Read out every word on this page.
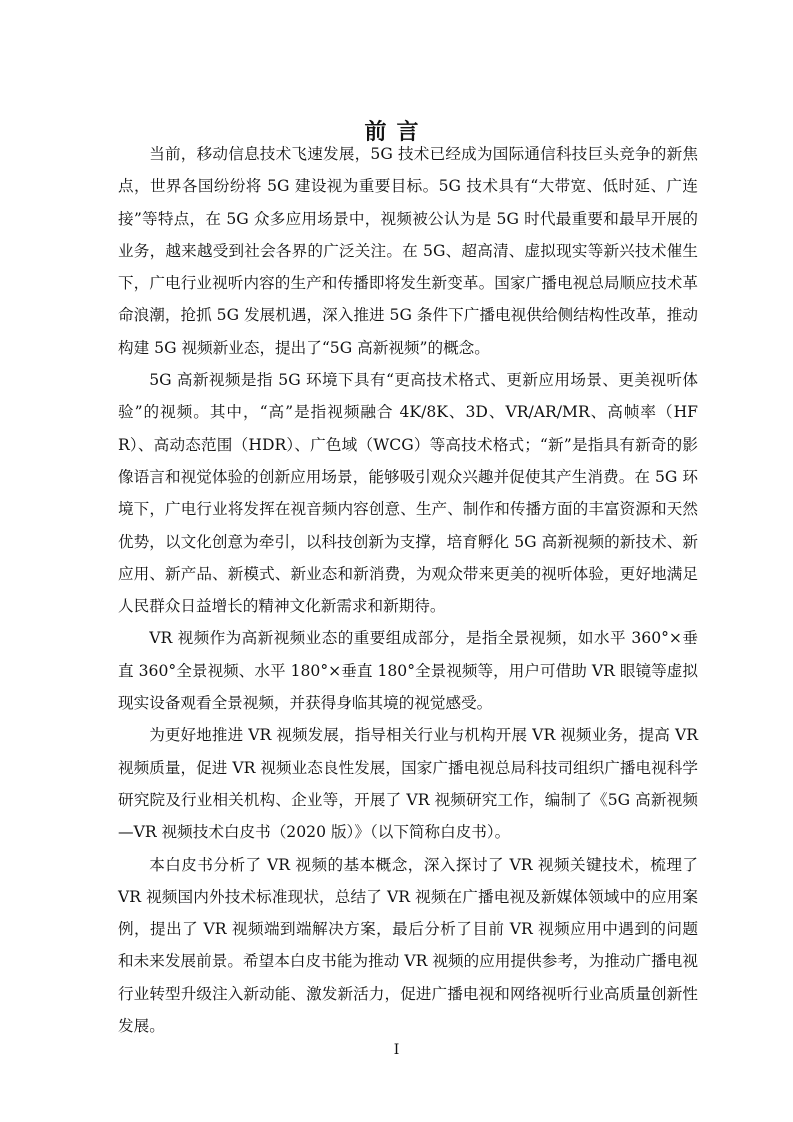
前言

当前，移动信息技术飞速发展，5G 技术已经成为国际通信科技巨头竞争的新焦点，世界各国纷纷将 5G 建设视为重要目标。5G 技术具有“大带宽、低时延、广连接”等特点，在 5G 众多应用场景中，视频被公认为是 5G 时代最重要和最早开展的业务，越来越受到社会各界的广泛关注。在 5G、超高清、虚拟现实等新兴技术催生下，广电行业视听内容的生产和传播即将发生新变革。国家广播电视总局顺应技术革命浪潮，抢抓 5G 发展机遇，深入推进 5G 条件下广播电视供给侧结构性改革，推动构建 5G 视频新业态，提出了“5G 高新视频”的概念。

5G 高新视频是指 5G 环境下具有“更高技术格式、更新应用场景、更美视听体验”的视频。其中，“高”是指视频融合 4K/8K、3D、VR/AR/MR、高帧率（HFR）、高动态范围（HDR）、广色域（WCG）等高技术格式；“新”是指具有新奇的影像语言和视觉体验的创新应用场景，能够吸引观众兴趣并促使其产生消费。在 5G 环境下，广电行业将发挥在视音频内容创意、生产、制作和传播方面的丰富资源和天然优势，以文化创意为牵引，以科技创新为支撑，培育孵化 5G 高新视频的新技术、新应用、新产品、新模式、新业态和新消费，为观众带来更美的视听体验，更好地满足人民群众日益增长的精神文化新需求和新期待。

VR 视频作为高新视频业态的重要组成部分，是指全景视频，如水平 360°×垂直 360°全景视频、水平 180°×垂直 180°全景视频等，用户可借助 VR 眼镜等虚拟现实设备观看全景视频，并获得身临其境的视觉感受。

为更好地推进 VR 视频发展，指导相关行业与机构开展 VR 视频业务，提高 VR 视频质量，促进 VR 视频业态良性发展，国家广播电视总局科技司组织广播电视科学研究院及行业相关机构、企业等，开展了 VR 视频研究工作，编制了《5G 高新视频—VR 视频技术白皮书（2020 版）》（以下简称白皮书）。

本白皮书分析了 VR 视频的基本概念，深入探讨了 VR 视频关键技术，梳理了 VR 视频国内外技术标准现状，总结了 VR 视频在广播电视及新媒体领域中的应用案例，提出了 VR 视频端到端解决方案，最后分析了目前 VR 视频应用中遇到的问题和未来发展前景。希望本白皮书能为推动 VR 视频的应用提供参考，为推动广播电视行业转型升级注入新动能、激发新活力，促进广播电视和网络视听行业高质量创新性发展。

I
